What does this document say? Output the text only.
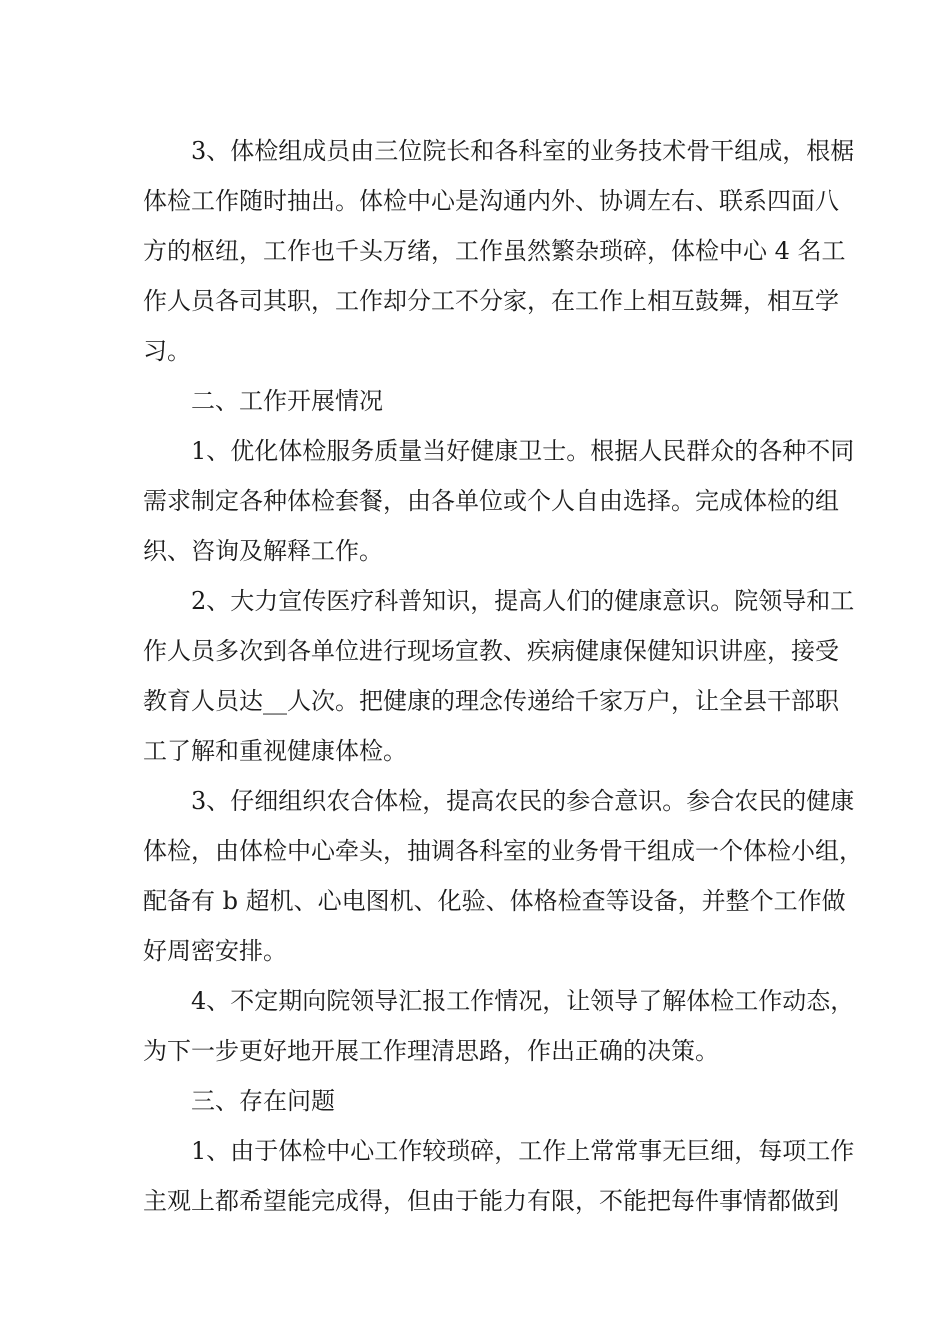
3、体检组成员由三位院长和各科室的业务技术骨干组成，根椐
体检工作随时抽出。体检中心是沟通内外、协调左右、联系四面八
方的枢纽，工作也千头万绪，工作虽然繁杂琐碎，体检中心 4 名工
作人员各司其职，工作却分工不分家，在工作上相互鼓舞，相互学
习。
二、工作开展情况
1、优化体检服务质量当好健康卫士。根据人民群众的各种不同
需求制定各种体检套餐，由各单位或个人自由选择。完成体检的组
织、咨询及解释工作。
2、大力宣传医疗科普知识，提高人们的健康意识。院领导和工
作人员多次到各单位进行现场宣教、疾病健康保健知识讲座，接受
教育人员达__人次。把健康的理念传递给千家万户，让全县干部职
工了解和重视健康体检。
3、仔细组织农合体检，提高农民的参合意识。参合农民的健康
体检，由体检中心牵头，抽调各科室的业务骨干组成一个体检小组，
配备有 b 超机、心电图机、化验、体格检查等设备，并整个工作做
好周密安排。
4、不定期向院领导汇报工作情况，让领导了解体检工作动态，
为下一步更好地开展工作理清思路，作出正确的决策。
三、存在问题
1、由于体检中心工作较琐碎，工作上常常事无巨细，每项工作
主观上都希望能完成得，但由于能力有限，不能把每件事情都做到
